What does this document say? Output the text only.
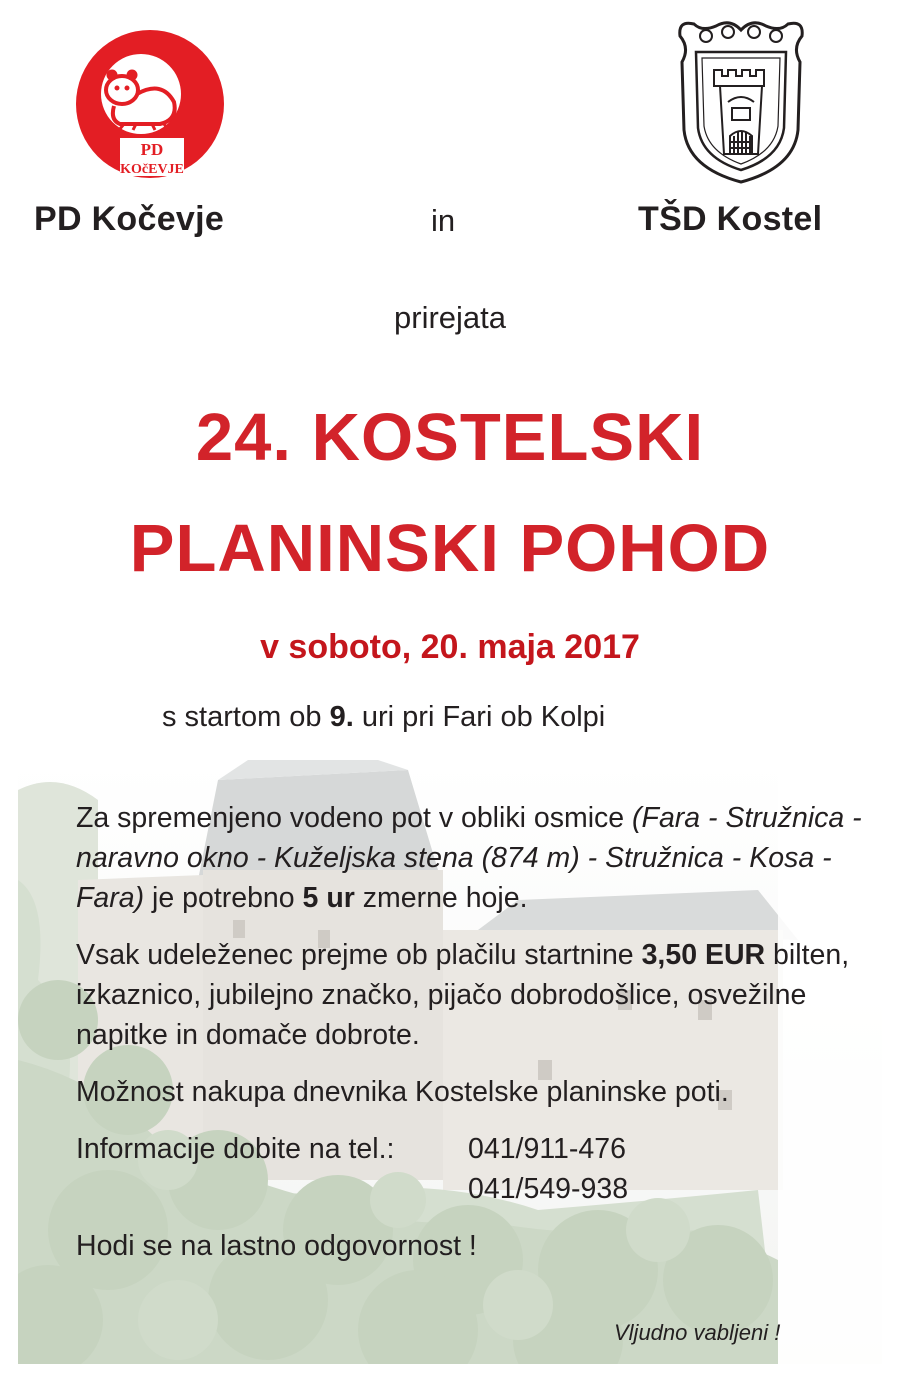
PD
KOčEVJE
PD Kočevje	in	TŠD Kostel
prirejata
24. KOSTELSKI
PLANINSKI POHOD
v soboto, 20. maja 2017
s startom ob 9. uri pri Fari ob Kolpi

Za spremenjeno vodeno pot v obliki osmice (Fara - Stružnica - naravno okno - Kuželjska stena (874 m) - Stružnica - Kosa - Fara) je potrebno 5 ur zmerne hoje.

Vsak udeleženec prejme ob plačilu startnine 3,50 EUR bilten, izkaznico, jubilejno značko, pijačo dobrodošlice, osvežilne napitke in domače dobrote.

Možnost nakupa dnevnika Kostelske planinske poti.

Informacije dobite na tel.:	041/911-476
041/549-938

Hodi se na lastno odgovornost !

Vljudno vabljeni !
